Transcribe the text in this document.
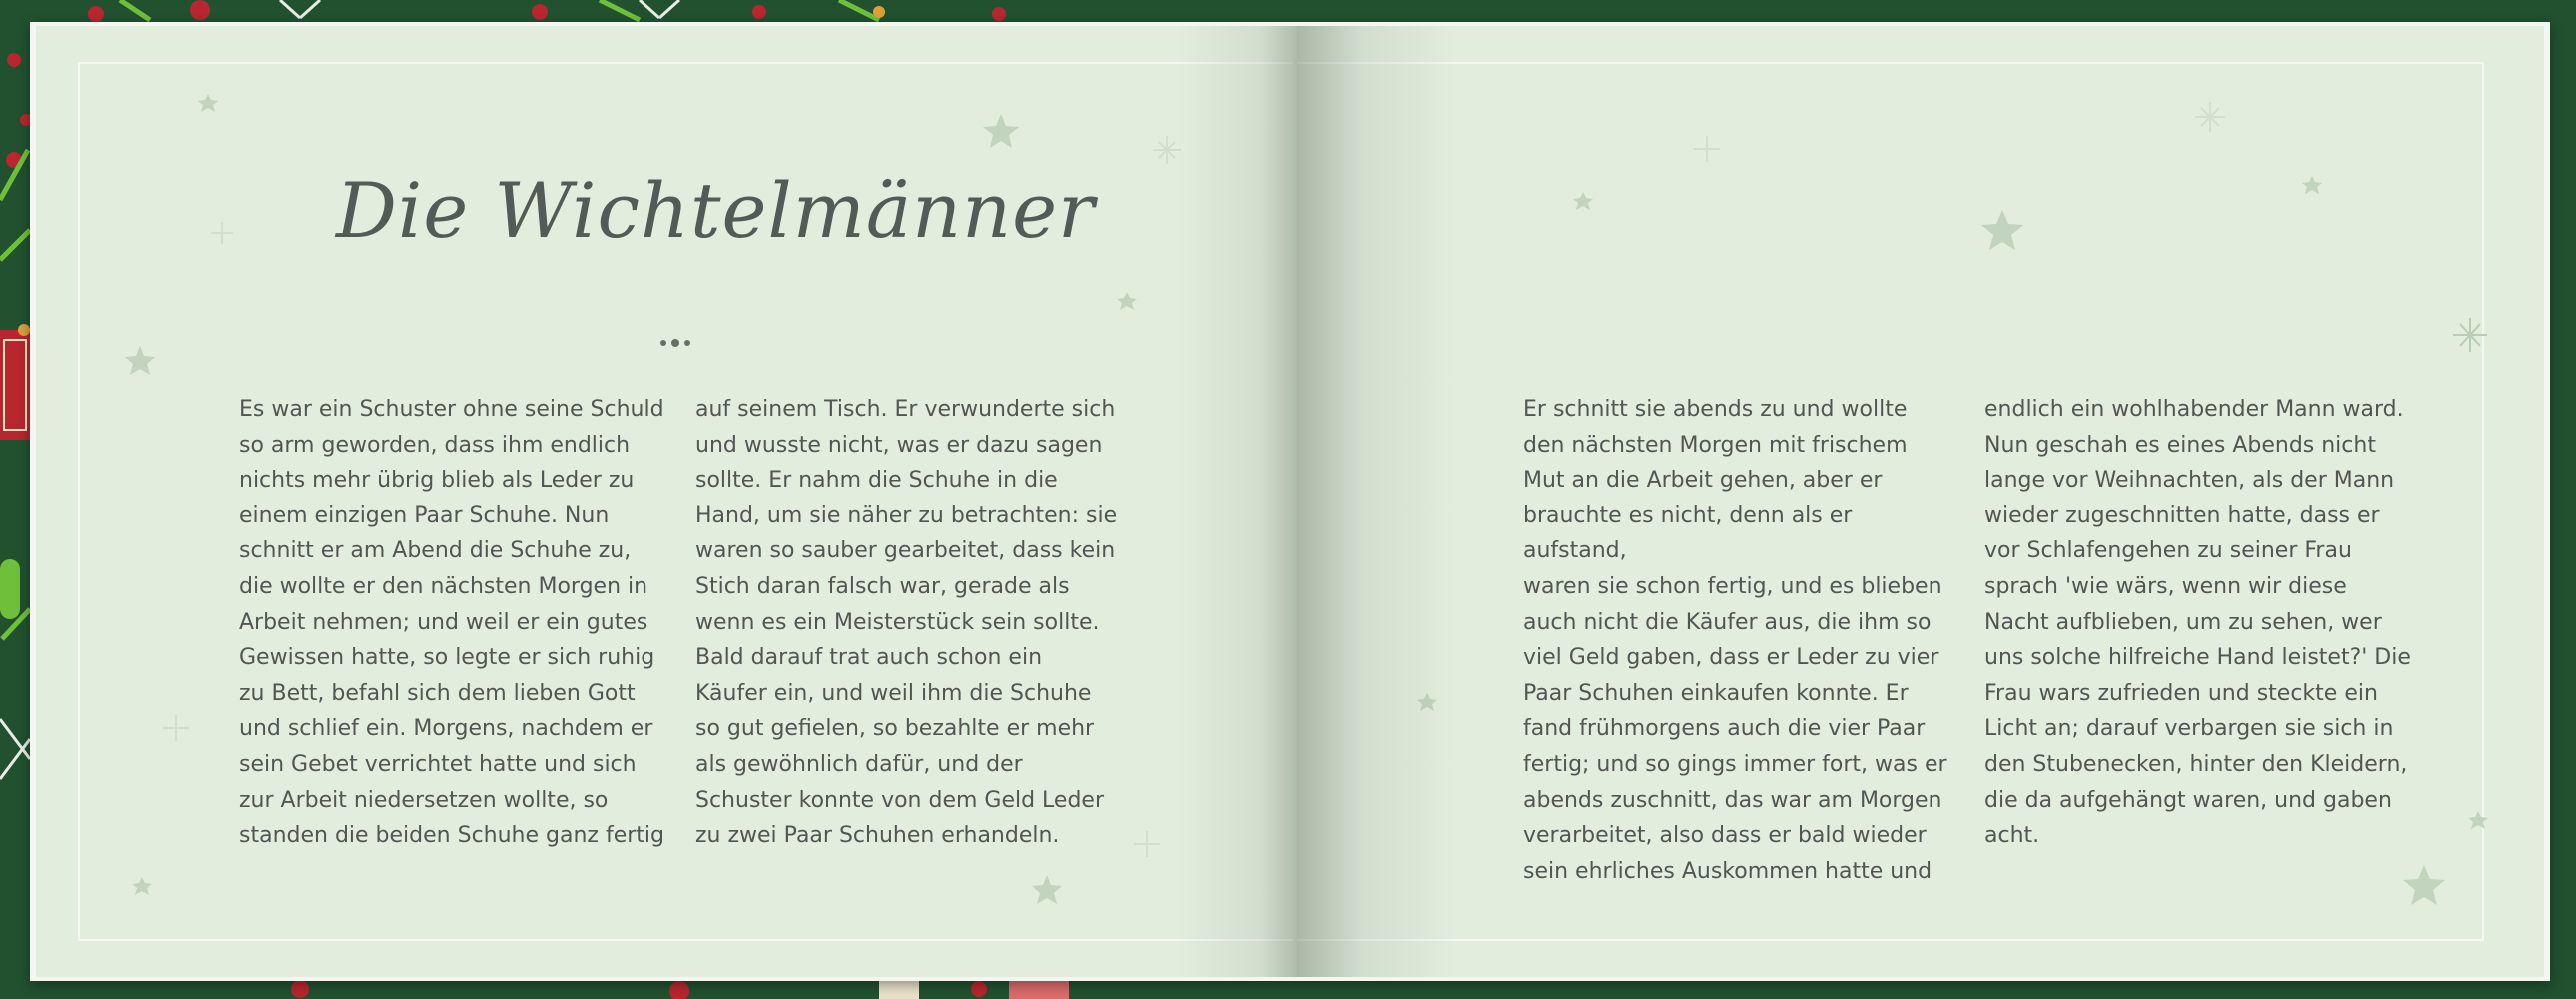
Die Wichtelmänner
Es war ein Schuster ohne seine Schuld
so arm geworden, dass ihm endlich
nichts mehr übrig blieb als Leder zu
einem einzigen Paar Schuhe. Nun
schnitt er am Abend die Schuhe zu,
die wollte er den nächsten Morgen in
Arbeit nehmen; und weil er ein gutes
Gewissen hatte, so legte er sich ruhig
zu Bett, befahl sich dem lieben Gott
und schlief ein. Morgens, nachdem er
sein Gebet verrichtet hatte und sich
zur Arbeit niedersetzen wollte, so
standen die beiden Schuhe ganz fertig
auf seinem Tisch. Er verwunderte sich
und wusste nicht, was er dazu sagen
sollte. Er nahm die Schuhe in die
Hand, um sie näher zu betrachten: sie
waren so sauber gearbeitet, dass kein
Stich daran falsch war, gerade als
wenn es ein Meisterstück sein sollte.
Bald darauf trat auch schon ein
Käufer ein, und weil ihm die Schuhe
so gut gefielen, so bezahlte er mehr
als gewöhnlich dafür, und der
Schuster konnte von dem Geld Leder
zu zwei Paar Schuhen erhandeln.
Er schnitt sie abends zu und wollte
den nächsten Morgen mit frischem
Mut an die Arbeit gehen, aber er
brauchte es nicht, denn als er aufstand,
waren sie schon fertig, und es blieben
auch nicht die Käufer aus, die ihm so
viel Geld gaben, dass er Leder zu vier
Paar Schuhen einkaufen konnte. Er
fand frühmorgens auch die vier Paar
fertig; und so gings immer fort, was er
abends zuschnitt, das war am Morgen
verarbeitet, also dass er bald wieder
sein ehrliches Auskommen hatte und
endlich ein wohlhabender Mann ward.
Nun geschah es eines Abends nicht
lange vor Weihnachten, als der Mann
wieder zugeschnitten hatte, dass er
vor Schlafengehen zu seiner Frau
sprach 'wie wärs, wenn wir diese
Nacht aufblieben, um zu sehen, wer
uns solche hilfreiche Hand leistet?' Die
Frau wars zufrieden und steckte ein
Licht an; darauf verbargen sie sich in
den Stubenecken, hinter den Kleidern,
die da aufgehängt waren, und gaben
acht.
